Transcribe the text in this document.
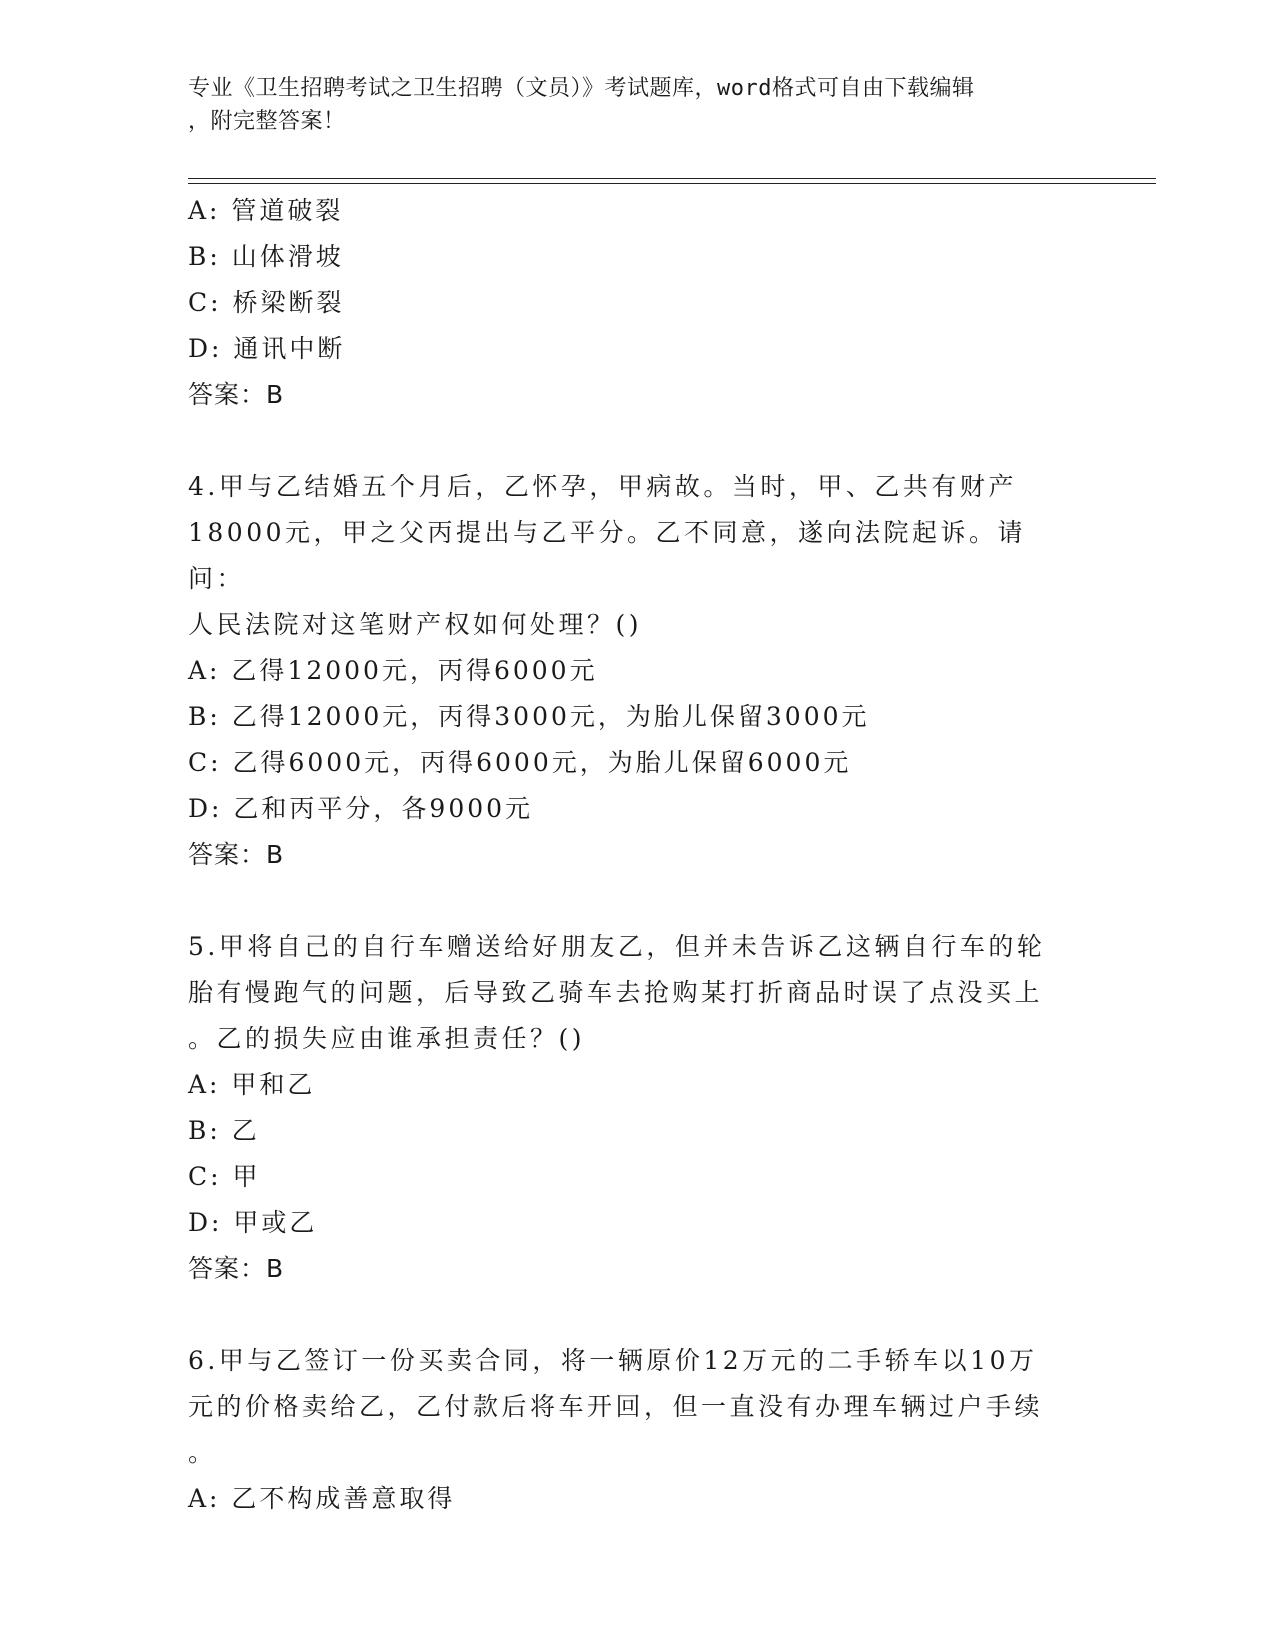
专业《卫生招聘考试之卫生招聘（文员）》考试题库，word格式可自由下载编辑
，附完整答案！
A: 管道破裂
B: 山体滑坡
C: 桥梁断裂
D: 通讯中断
答案：B
4.甲与乙结婚五个月后，乙怀孕，甲病故。当时，甲、乙共有财产
18000元，甲之父丙提出与乙平分。乙不同意，遂向法院起诉。请问：
人民法院对这笔财产权如何处理？()
A: 乙得12000元，丙得6000元
B: 乙得12000元，丙得3000元，为胎儿保留3000元
C: 乙得6000元，丙得6000元，为胎儿保留6000元
D: 乙和丙平分，各9000元
答案：B
5.甲将自己的自行车赠送给好朋友乙，但并未告诉乙这辆自行车的轮
胎有慢跑气的问题，后导致乙骑车去抢购某打折商品时误了点没买上
。乙的损失应由谁承担责任？()
A: 甲和乙
B: 乙
C: 甲
D: 甲或乙
答案：B
6.甲与乙签订一份买卖合同，将一辆原价12万元的二手轿车以10万
元的价格卖给乙，乙付款后将车开回，但一直没有办理车辆过户手续
。
A: 乙不构成善意取得
